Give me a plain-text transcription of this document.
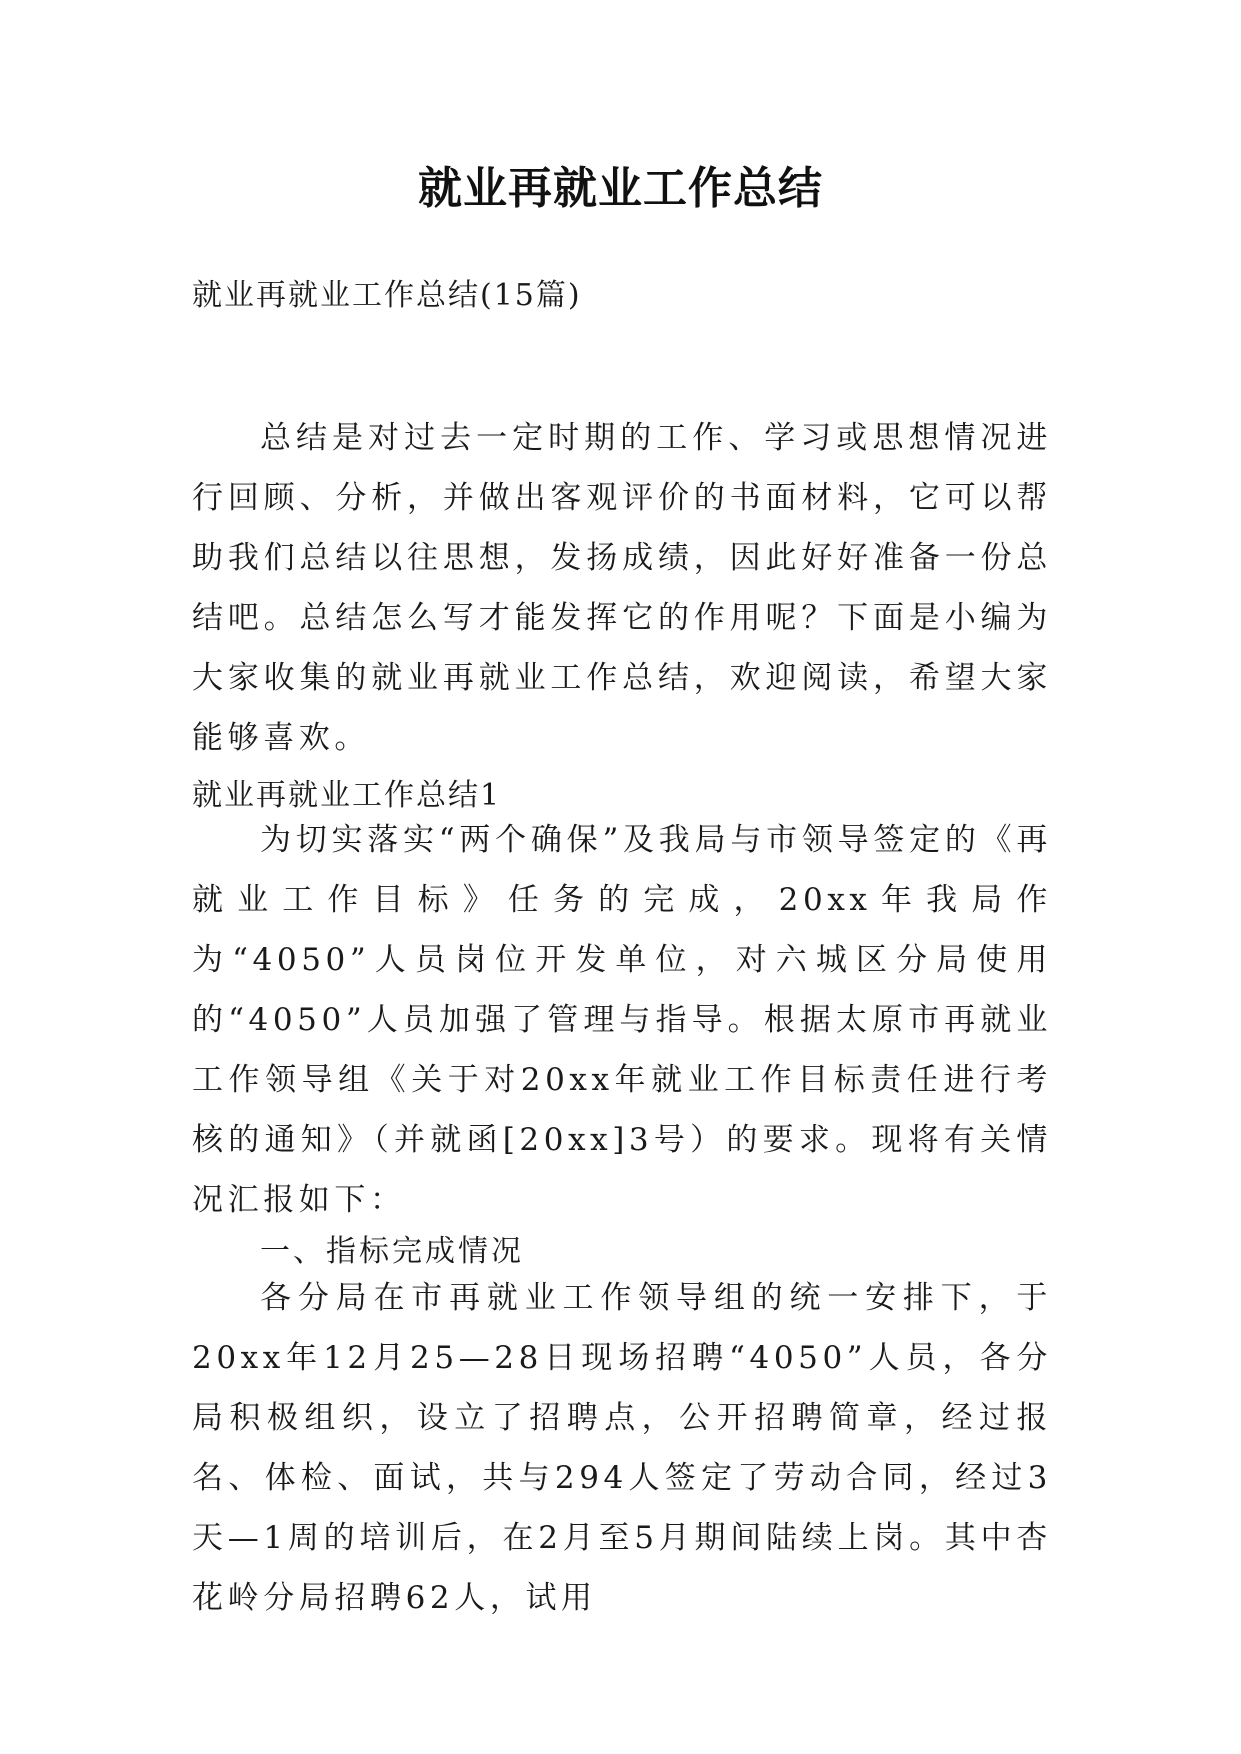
就业再就业工作总结
就业再就业工作总结(15篇)

总结是对过去一定时期的工作、学习或思想情况进行回顾、分析，并做出客观评价的书面材料，它可以帮助我们总结以往思想，发扬成绩，因此好好准备一份总结吧。总结怎么写才能发挥它的作用呢？下面是小编为大家收集的就业再就业工作总结，欢迎阅读，希望大家能够喜欢。

就业再就业工作总结1

为切实落实“两个确保”及我局与市领导签定的《再就业工作目标》任务的完成，20xx年我局作为“4050”人员岗位开发单位，对六城区分局使用的“4050”人员加强了管理与指导。根据太原市再就业工作领导组《关于对20xx年就业工作目标责任进行考核的通知》（并就函[20xx]3号）的要求。现将有关情况汇报如下：

一、指标完成情况

各分局在市再就业工作领导组的统一安排下，于20xx年12月25—28日现场招聘“4050”人员，各分局积极组织，设立了招聘点，公开招聘简章，经过报名、体检、面试，共与294人签定了劳动合同，经过3天—1周的培训后，在2月至5月期间陆续上岗。其中杏花岭分局招聘62人，试用
